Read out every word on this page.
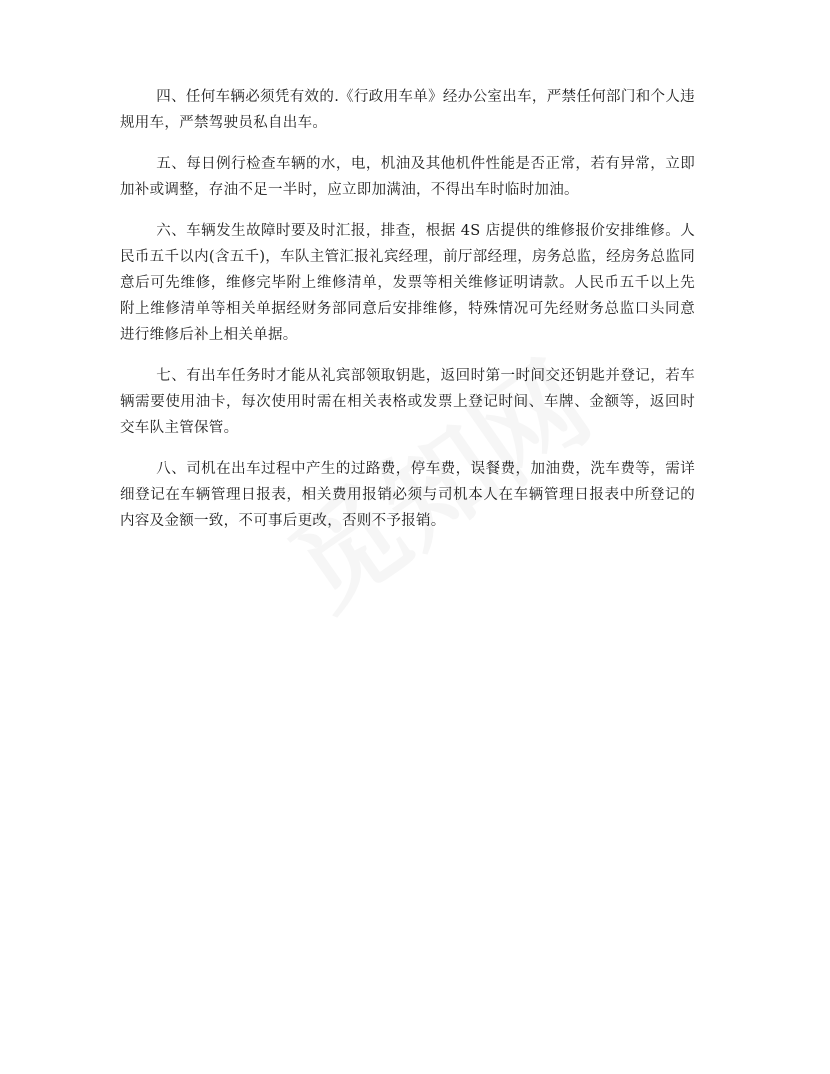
四、任何车辆必须凭有效的.《行政用车单》经办公室出车，严禁任何部门和个人违规用车，严禁驾驶员私自出车。

五、每日例行检查车辆的水，电，机油及其他机件性能是否正常，若有异常，立即加补或调整，存油不足一半时，应立即加满油，不得出车时临时加油。

六、车辆发生故障时要及时汇报，排查，根据 4S 店提供的维修报价安排维修。人民币五千以内(含五千)，车队主管汇报礼宾经理，前厅部经理，房务总监，经房务总监同意后可先维修，维修完毕附上维修清单，发票等相关维修证明请款。人民币五千以上先附上维修清单等相关单据经财务部同意后安排维修，特殊情况可先经财务总监口头同意进行维修后补上相关单据。

七、有出车任务时才能从礼宾部领取钥匙，返回时第一时间交还钥匙并登记，若车辆需要使用油卡，每次使用时需在相关表格或发票上登记时间、车牌、金额等，返回时交车队主管保管。

八、司机在出车过程中产生的过路费，停车费，误餐费，加油费，洗车费等，需详细登记在车辆管理日报表，相关费用报销必须与司机本人在车辆管理日报表中所登记的内容及金额一致，不可事后更改，否则不予报销。
